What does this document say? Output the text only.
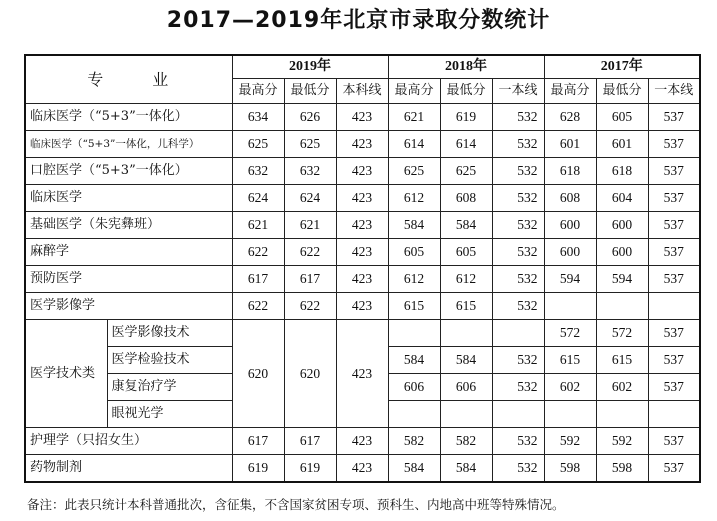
2017—2019年北京市录取分数统计
专 业		2019年			2018年			2017年		
		最高分	最低分	本科线	最高分	最低分	一本线	最高分	最低分	一本线
临床医学（“5+3”一体化）		634	626	423	621	619	532	628	605	537
临床医学（“5+3”一体化，儿科学）		625	625	423	614	614	532	601	601	537
口腔医学（“5+3”一体化）		632	632	423	625	625	532	618	618	537
临床医学		624	624	423	612	608	532	608	604	537
基础医学（朱宪彝班）		621	621	423	584	584	532	600	600	537
麻醉学		622	622	423	605	605	532	600	600	537
预防医学		617	617	423	612	612	532	594	594	537
医学影像学		622	622	423	615	615	532			
医学技术类	医学影像技术	620	620	423				572	572	537
	医学检验技术				584	584	532	615	615	537
	康复治疗学				606	606	532	602	602	537
	眼视光学									
护理学（只招女生）		617	617	423	582	582	532	592	592	537
药物制剂		619	619	423	584	584	532	598	598	537
备注：此表只统计本科普通批次，含征集，不含国家贫困专项、预科生、内地高中班等特殊情况。
